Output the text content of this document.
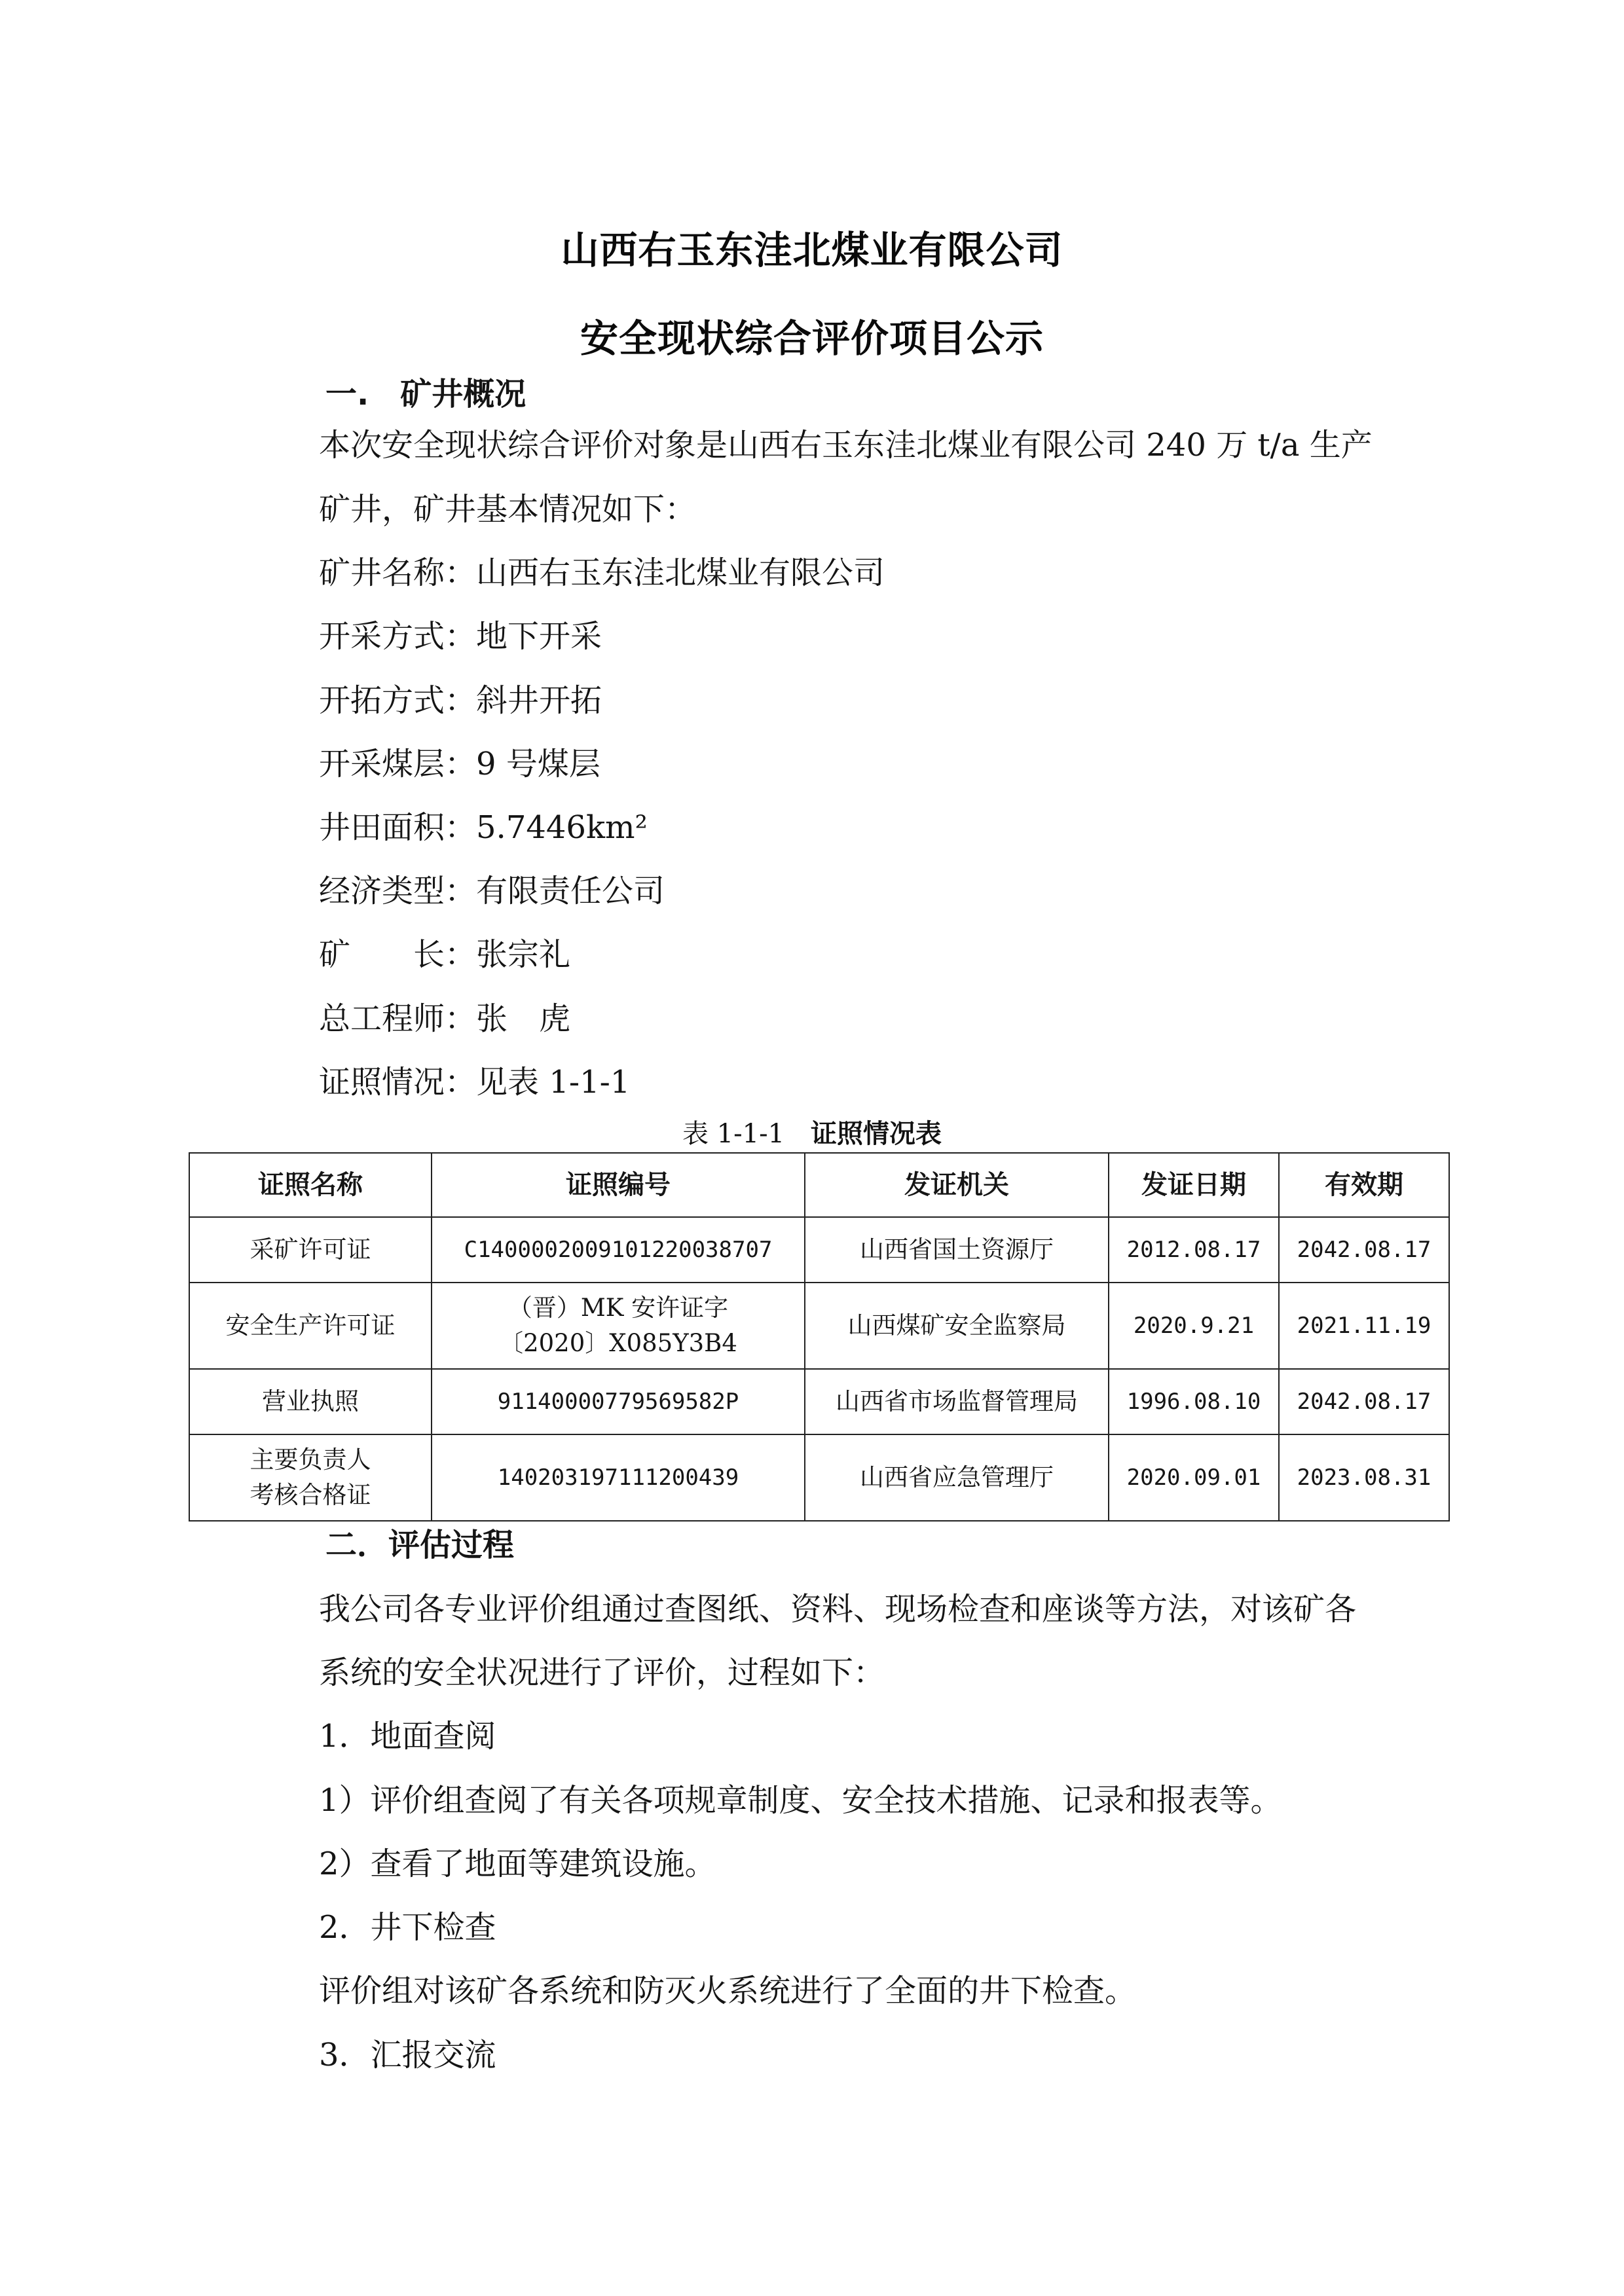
山西右玉东洼北煤业有限公司
安全现状综合评价项目公示
一.　矿井概况
本次安全现状综合评价对象是山西右玉东洼北煤业有限公司 240 万 t/a 生产
矿井，矿井基本情况如下：
矿井名称：山西右玉东洼北煤业有限公司
开采方式：地下开采
开拓方式：斜井开拓
开采煤层：9 号煤层
井田面积：5.7446km²
经济类型：有限责任公司
矿　　长：张宗礼
总工程师：张　虎
证照情况：见表 1-1-1
表 1-1-1 证照情况表
证照名称	证照编号	发证机关	发证日期	有效期

采矿许可证	C1400002009101220038707	山西省国土资源厅	2012.08.17	2042.08.17

安全生产许可证	（晋）MK 安许证字
〔2020〕X085Y3B4	山西煤矿安全监察局	2020.9.21	2021.11.19

营业执照	91140000779569582P	山西省市场监督管理局	1996.08.10	2042.08.17

主要负责人
考核合格证	140203197111200439	山西省应急管理厅	2020.09.01	2023.08.31
二．评估过程
我公司各专业评价组通过查图纸、资料、现场检查和座谈等方法，对该矿各
系统的安全状况进行了评价，过程如下：
1．地面查阅
1）评价组查阅了有关各项规章制度、安全技术措施、记录和报表等。
2）查看了地面等建筑设施。
2．井下检查
评价组对该矿各系统和防灭火系统进行了全面的井下检查。
3．汇报交流
